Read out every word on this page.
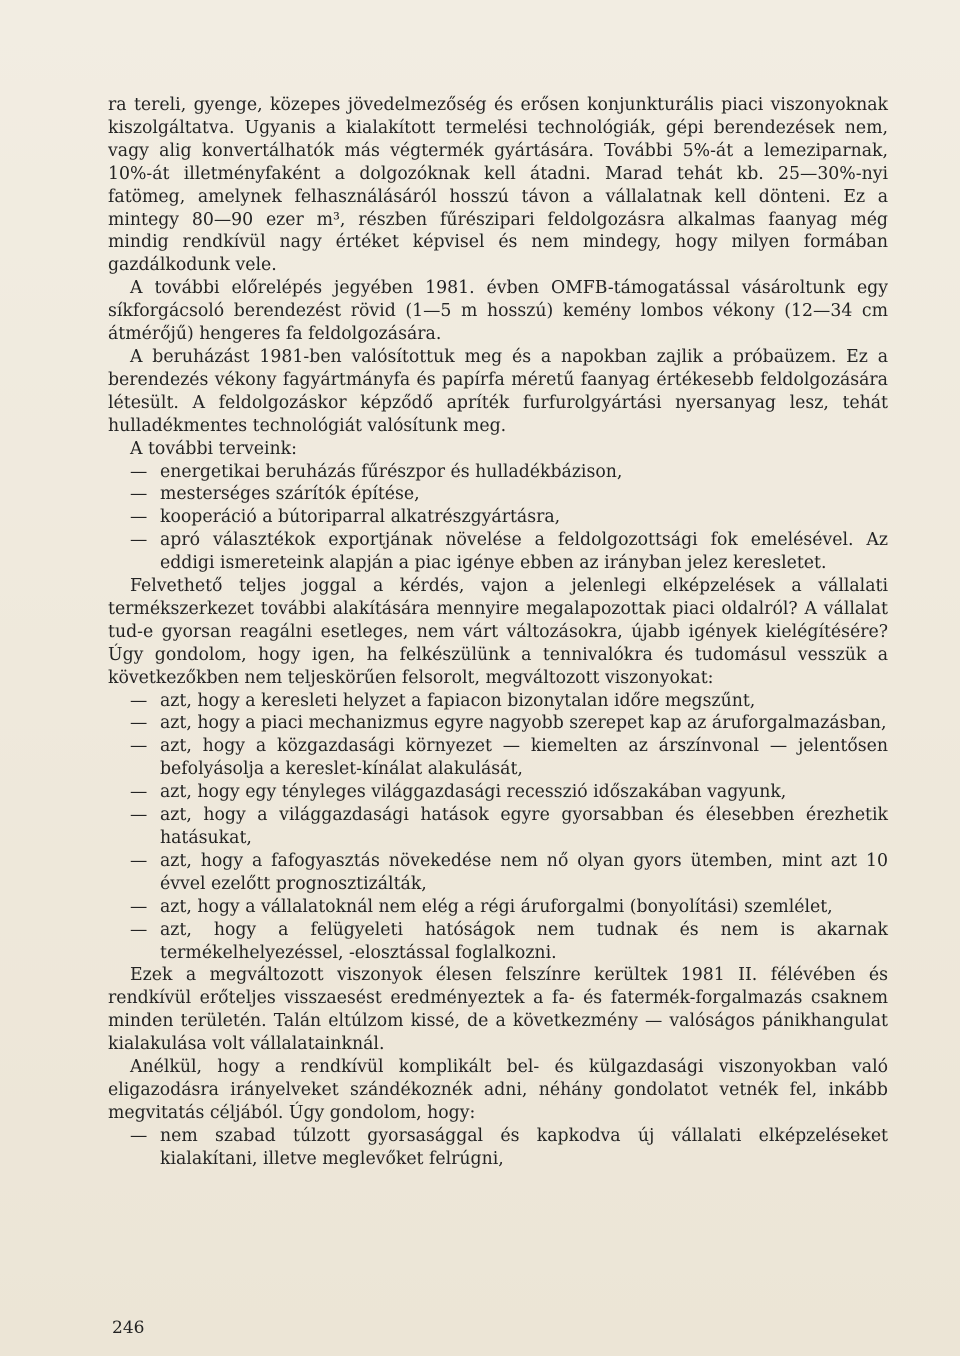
ra tereli, gyenge, közepes jövedelmezőség és erősen konjunkturális piaci viszonyoknak kiszolgáltatva. Ugyanis a kialakított termelési technológiák, gépi berendezések nem, vagy alig konvertálhatók más végtermék gyártására. További 5%-át a lemeziparnak, 10%-át illetményfaként a dolgozóknak kell átadni. Marad tehát kb. 25—30%-nyi fatömeg, amelynek felhasználásáról hosszú távon a vállalatnak kell dönteni. Ez a mintegy 80—90 ezer m³, részben fűrészipari feldolgozásra alkalmas faanyag még mindig rendkívül nagy értéket képvisel és nem mindegy, hogy milyen formában gazdálkodunk vele.

A további előrelépés jegyében 1981. évben OMFB-támogatással vásároltunk egy síkforgácsoló berendezést rövid (1—5 m hosszú) kemény lombos vékony (12—34 cm átmérőjű) hengeres fa feldolgozására.

A beruházást 1981-ben valósítottuk meg és a napokban zajlik a próbaüzem. Ez a berendezés vékony fagyártmányfa és papírfa méretű faanyag értékesebb feldolgozására létesült. A feldolgozáskor képződő apríték furfurolgyártási nyersanyag lesz, tehát hulladékmentes technológiát valósítunk meg.

A további terveink:

— energetikai beruházás fűrészpor és hulladékbázison,
— mesterséges szárítók építése,
— kooperáció a bútoriparral alkatrészgyártásra,
— apró választékok exportjának növelése a feldolgozottsági fok emelésével. Az eddigi ismereteink alapján a piac igénye ebben az irányban jelez keresletet.

Felvethető teljes joggal a kérdés, vajon a jelenlegi elképzelések a vállalati termékszerkezet további alakítására mennyire megalapozottak piaci oldalról? A vállalat tud-e gyorsan reagálni esetleges, nem várt változásokra, újabb igények kielégítésére? Úgy gondolom, hogy igen, ha felkészülünk a tennivalókra és tudomásul vesszük a következőkben nem teljeskörűen felsorolt, megváltozott viszonyokat:

— azt, hogy a keresleti helyzet a fapiacon bizonytalan időre megszűnt,
— azt, hogy a piaci mechanizmus egyre nagyobb szerepet kap az áruforgalmazásban,
— azt, hogy a közgazdasági környezet — kiemelten az árszínvonal — jelentősen befolyásolja a kereslet-kínálat alakulását,
— azt, hogy egy tényleges világgazdasági recesszió időszakában vagyunk,
— azt, hogy a világgazdasági hatások egyre gyorsabban és élesebben érezhetik hatásukat,
— azt, hogy a fafogyasztás növekedése nem nő olyan gyors ütemben, mint azt 10 évvel ezelőtt prognosztizálták,
— azt, hogy a vállalatoknál nem elég a régi áruforgalmi (bonyolítási) szemlélet,
— azt, hogy a felügyeleti hatóságok nem tudnak és nem is akarnak termékelhelyezéssel, -elosztással foglalkozni.

Ezek a megváltozott viszonyok élesen felszínre kerültek 1981 II. félévében és rendkívül erőteljes visszaesést eredményeztek a fa- és fatermék-forgalmazás csaknem minden területén. Talán eltúlzom kissé, de a következmény — valóságos pánikhangulat kialakulása volt vállalatainknál.

Anélkül, hogy a rendkívül komplikált bel- és külgazdasági viszonyokban való eligazodásra irányelveket szándékoznék adni, néhány gondolatot vetnék fel, inkább megvitatás céljából. Úgy gondolom, hogy:

— nem szabad túlzott gyorsasággal és kapkodva új vállalati elképzeléseket kialakítani, illetve meglevőket felrúgni,
246
